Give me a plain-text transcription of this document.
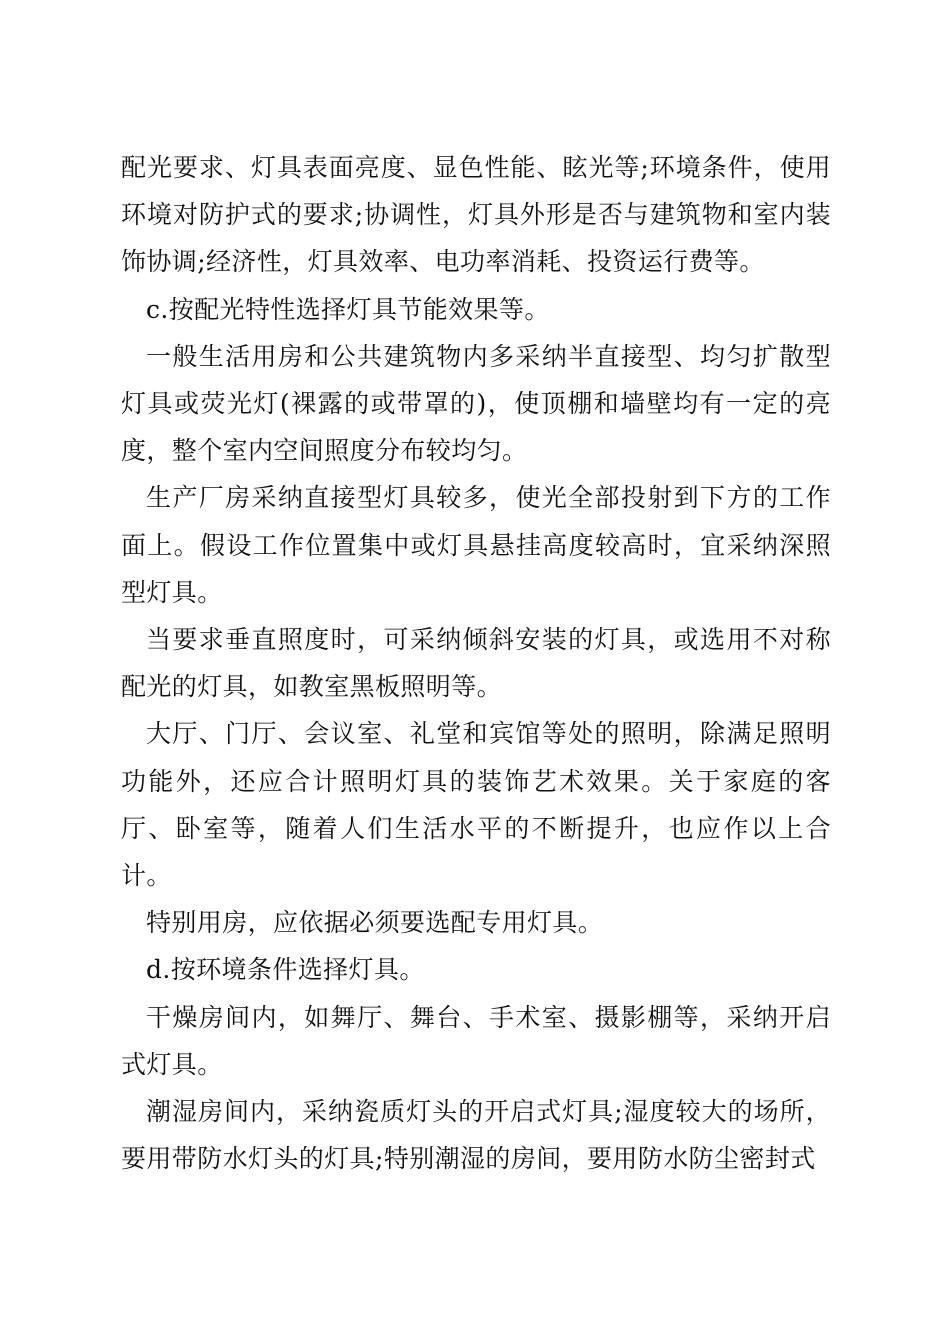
配光要求、灯具表面亮度、显色性能、眩光等;环境条件，使用环境对防护式的要求;协调性，灯具外形是否与建筑物和室内装饰协调;经济性，灯具效率、电功率消耗、投资运行费等。

c.按配光特性选择灯具节能效果等。

一般生活用房和公共建筑物内多采纳半直接型、均匀扩散型灯具或荧光灯(裸露的或带罩的)，使顶棚和墙壁均有一定的亮度，整个室内空间照度分布较均匀。

生产厂房采纳直接型灯具较多，使光全部投射到下方的工作面上。假设工作位置集中或灯具悬挂高度较高时，宜采纳深照型灯具。

当要求垂直照度时，可采纳倾斜安装的灯具，或选用不对称配光的灯具，如教室黑板照明等。

大厅、门厅、会议室、礼堂和宾馆等处的照明，除满足照明功能外，还应合计照明灯具的装饰艺术效果。关于家庭的客厅、卧室等，随着人们生活水平的不断提升，也应作以上合计。

特别用房，应依据必须要选配专用灯具。

d.按环境条件选择灯具。

干燥房间内，如舞厅、舞台、手术室、摄影棚等，采纳开启式灯具。

潮湿房间内，采纳瓷质灯头的开启式灯具;湿度较大的场所，要用带防水灯头的灯具;特别潮湿的房间，要用防水防尘密封式
